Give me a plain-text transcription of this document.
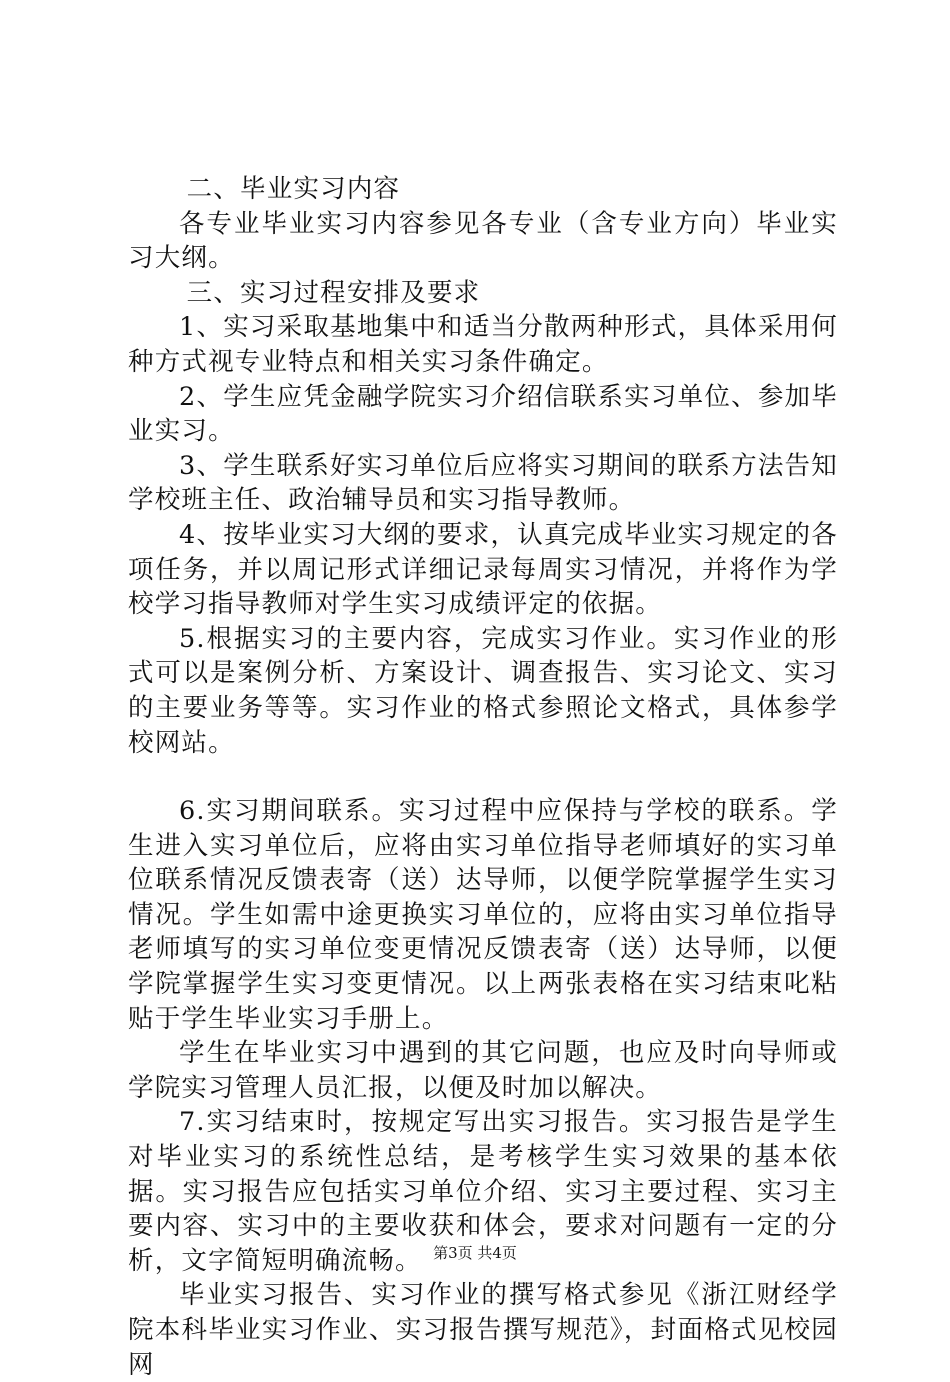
二、毕业实习内容

各专业毕业实习内容参见各专业（含专业方向）毕业实习大纲。

三、实习过程安排及要求

1、实习采取基地集中和适当分散两种形式，具体采用何种方式视专业特点和相关实习条件确定。

2、学生应凭金融学院实习介绍信联系实习单位、参加毕业实习。

3、学生联系好实习单位后应将实习期间的联系方法告知学校班主任、政治辅导员和实习指导教师。

4、按毕业实习大纲的要求，认真完成毕业实习规定的各项任务，并以周记形式详细记录每周实习情况，并将作为学校学习指导教师对学生实习成绩评定的依据。

5.根据实习的主要内容，完成实习作业。实习作业的形式可以是案例分析、方案设计、调查报告、实习论文、实习的主要业务等等。实习作业的格式参照论文格式，具体参学校网站。

6.实习期间联系。实习过程中应保持与学校的联系。学生进入实习单位后，应将由实习单位指导老师填好的实习单位联系情况反馈表寄（送）达导师，以便学院掌握学生实习情况。学生如需中途更换实习单位的，应将由实习单位指导老师填写的实习单位变更情况反馈表寄（送）达导师，以便学院掌握学生实习变更情况。以上两张表格在实习结束叱粘贴于学生毕业实习手册上。

学生在毕业实习中遇到的其它问题，也应及时向导师或学院实习管理人员汇报，以便及时加以解决。

7.实习结束时，按规定写出实习报告。实习报告是学生对毕业实习的系统性总结，是考核学生实习效果的基本依据。实习报告应包括实习单位介绍、实习主要过程、实习主要内容、实习中的主要收获和体会，要求对问题有一定的分析，文字简短明确流畅。

毕业实习报告、实习作业的撰写格式参见《浙江财经学院本科毕业实习作业、实习报告撰写规范》，封面格式见校园网

第3页 共4页
